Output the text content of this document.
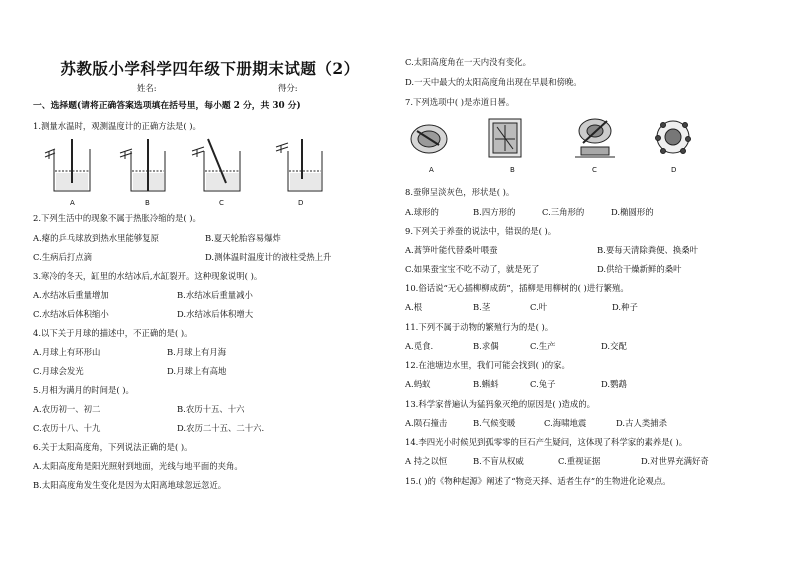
苏教版小学科学四年级下册期末试题（2）
姓名:	得分:
一、选择题(请将正确答案选项填在括号里，每小题 2 分，共 30 分)
1.测量水温时，观测温度计的正确方法是( )。
A	B	C	D
2.下列生活中的现象不属于热胀冷缩的是( )。
A.瘪的乒乓球放到热水里能够复原	B.夏天轮胎容易爆炸
C.生病后打点滴	D.测体温时温度计的液柱受热上升
3.寒冷的冬天，缸里的水结冰后,水缸裂开。这种现象说明( )。
A.水结冰后重量增加	B.水结冰后重量减小
C.水结冰后体积缩小	D.水结冰后体积增大
4.以下关于月球的描述中，不正确的是( )。
A.月球上有环形山	B.月球上有月海
C.月球会发光	D.月球上有高地
5.月相为满月的时间是( )。
A.农历初一、初二	B.农历十五、十六
C.农历十八、十九	D.农历二十五、二十六.
6.关于太阳高度角，下列说法正确的是( )。
A.太阳高度角是阳光照射到地面，光线与地平面的夹角。
B.太阳高度角发生变化是因为太阳离地球忽远忽近。
C.太阳高度角在一天内没有变化。
D.一天中最大的太阳高度角出现在早晨和傍晚。
7.下列选项中( )是赤道日晷。
A	B	C	D
8.蚕卵呈淡灰色，形状是( )。
A.球形的	B.四方形的	C.三角形的	D.椭圆形的
9.下列关于养蚕的说法中，错误的是( )。
A.蒿笋叶能代替桑叶喂蚕	B.要每天清除粪便、换桑叶
C.如果蚕宝宝不吃不动了，就是死了	D.供给干燥新鲜的桑叶
10.俗话说“无心插柳柳成荫”，插柳是用柳树的( )进行繁殖。
A.根	B.茎	C.叶	D.种子
11.下列不属于动物的繁殖行为的是( )。
A.觅食.	B.求偶	C.生产	D.交配
12.在池塘边水里，我们可能会找到( )的家。
A.蚂蚁	B.蝌蚪	C.兔子	D.鹦鹉
13.科学家普遍认为猛犸象灭绝的原因是( )造成的。
A.陨石撞击	B.气候变暖	C.海啸地震	D.古人类捕杀
14.李四光小时候见到孤零零的巨石产生疑问，这体现了科学家的素养是( )。
A 持之以恒	B.不盲从权威	C.重视证据	D.对世界充满好奇
15.( )的《物种起源》阐述了“物竞天择、适者生存”的生物进化论观点。
